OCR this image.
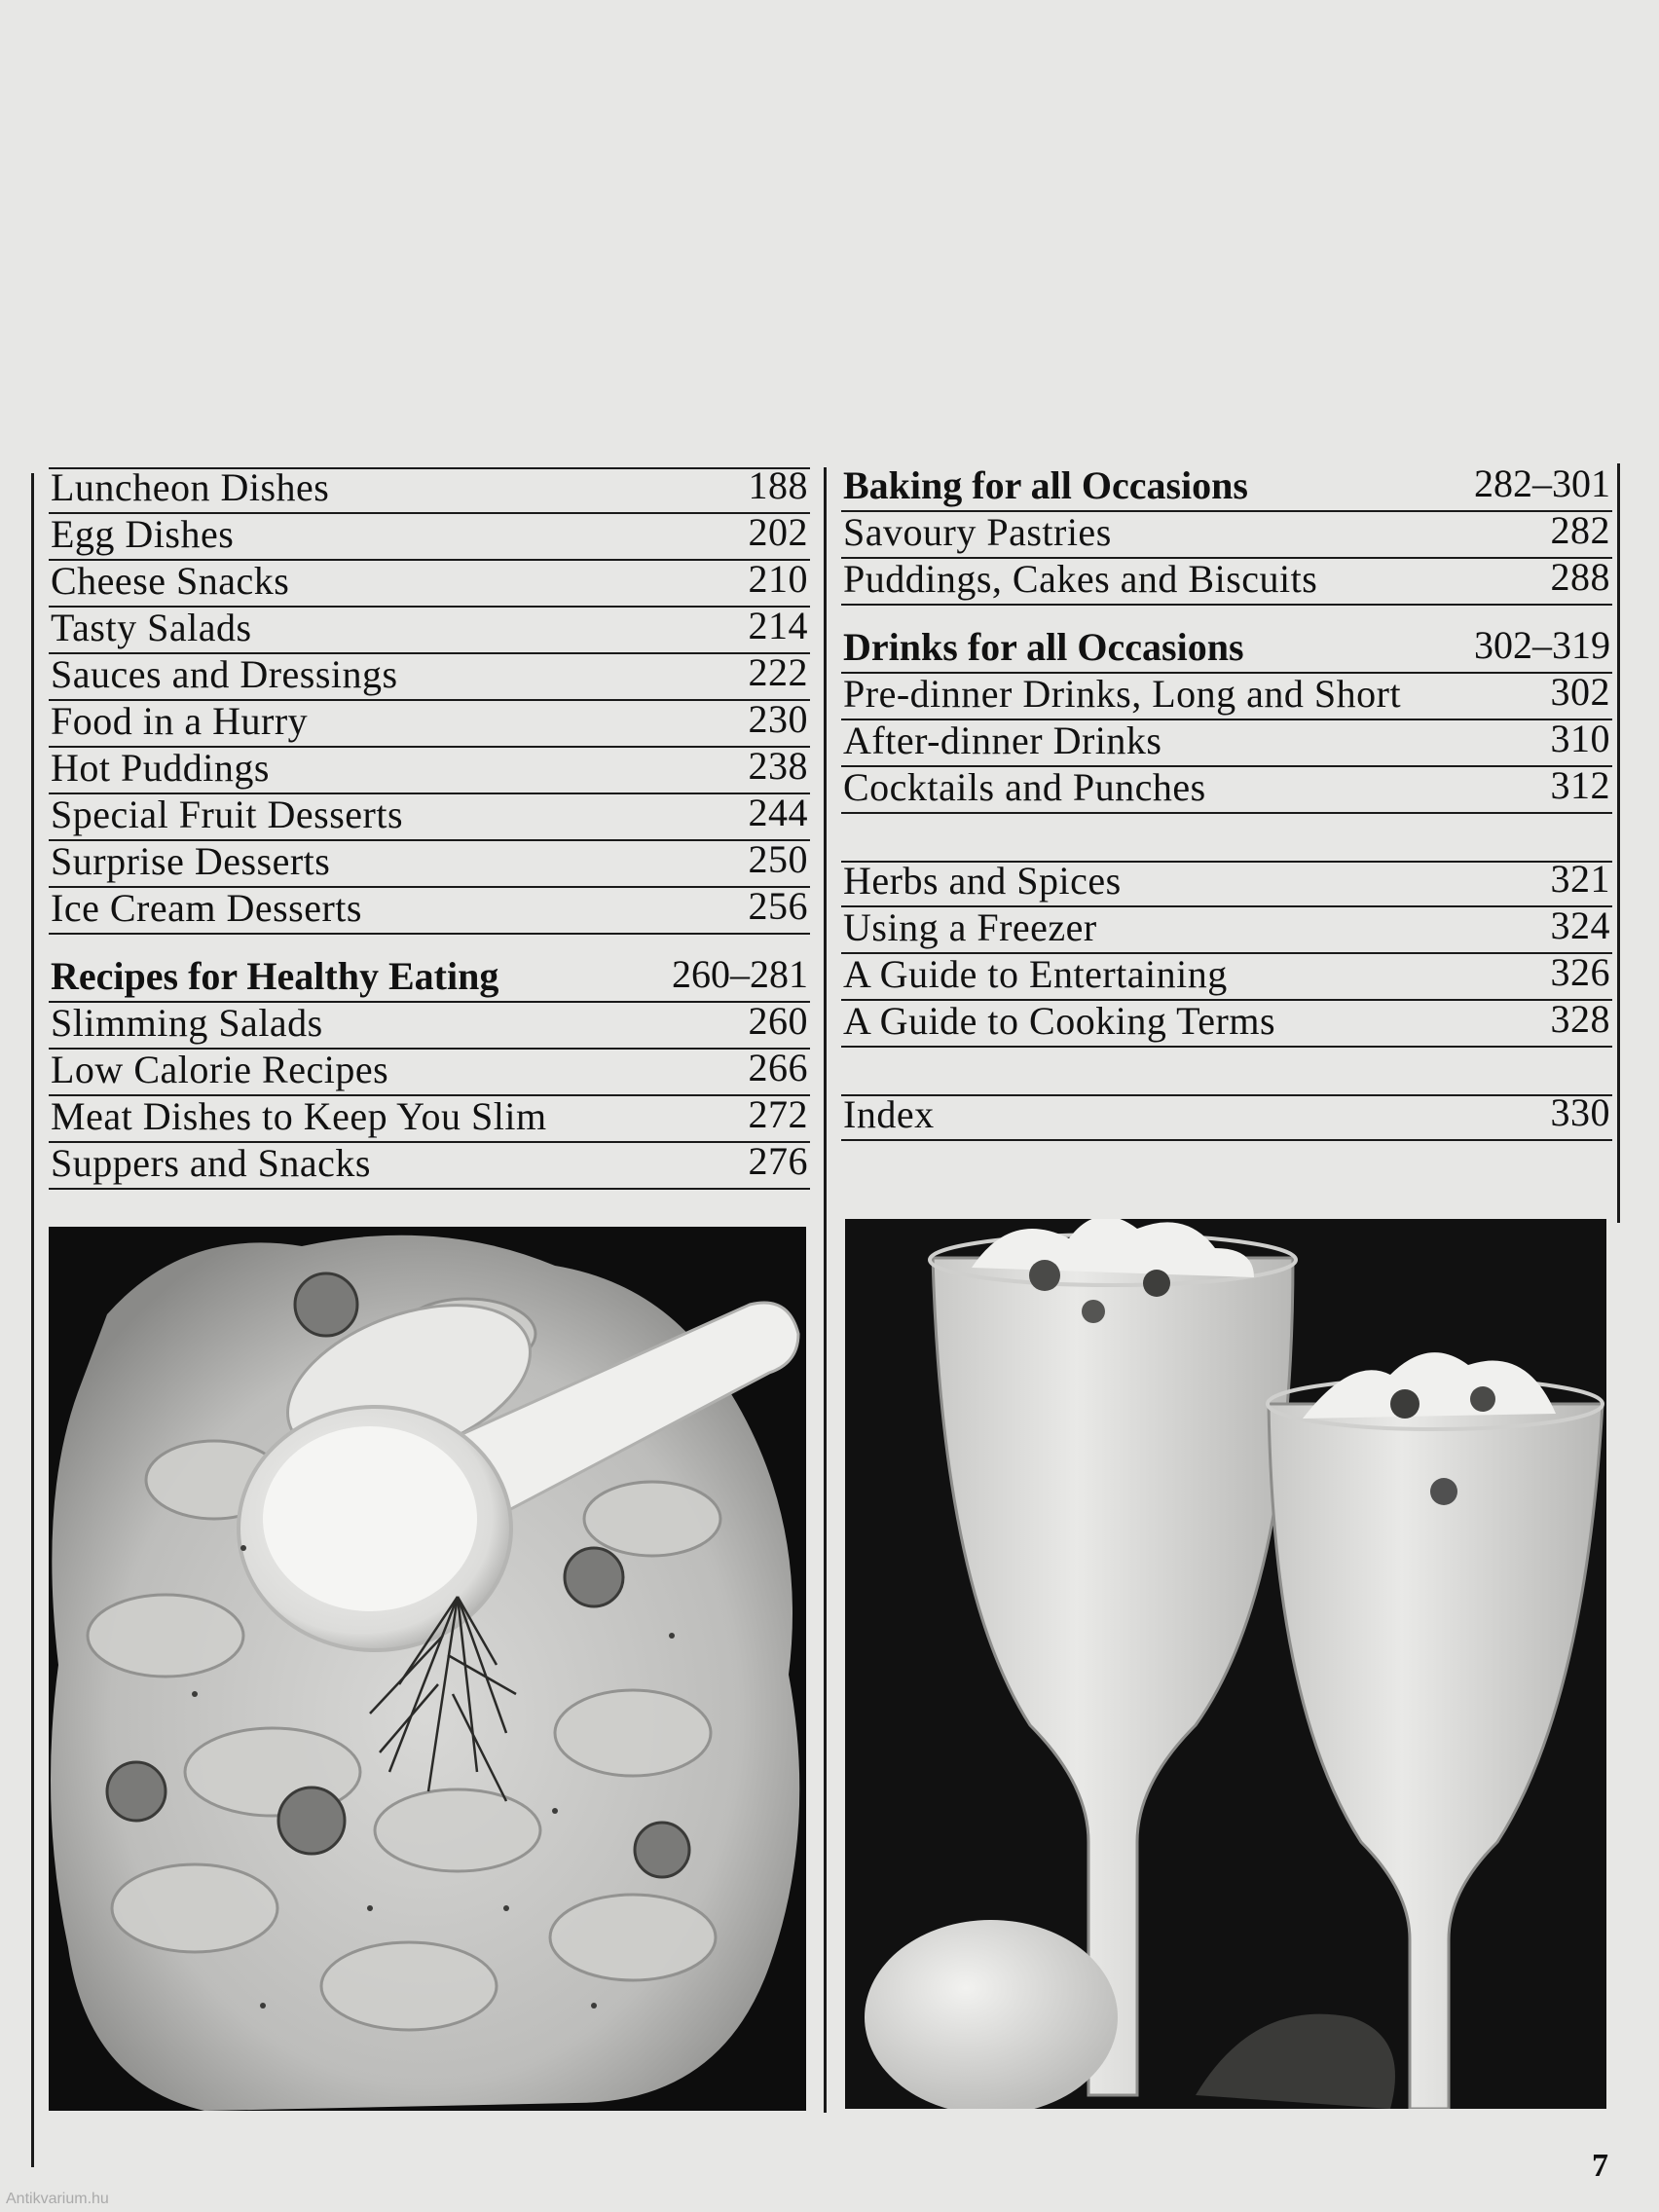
Luncheon Dishes	188
Egg Dishes	202
Cheese Snacks	210
Tasty Salads	214
Sauces and Dressings	222
Food in a Hurry	230
Hot Puddings	238
Special Fruit Desserts	244
Surprise Desserts	250
Ice Cream Desserts	256
Recipes for Healthy Eating	260–281
Slimming Salads	260
Low Calorie Recipes	266
Meat Dishes to Keep You Slim	272
Suppers and Snacks	276
Baking for all Occasions	282–301
Savoury Pastries	282
Puddings, Cakes and Biscuits	288
Drinks for all Occasions	302–319
Pre-dinner Drinks, Long and Short	302
After-dinner Drinks	310
Cocktails and Punches	312
Herbs and Spices	321
Using a Freezer	324
A Guide to Entertaining	326
A Guide to Cooking Terms	328
Index	330
7
Antikvarium.hu
